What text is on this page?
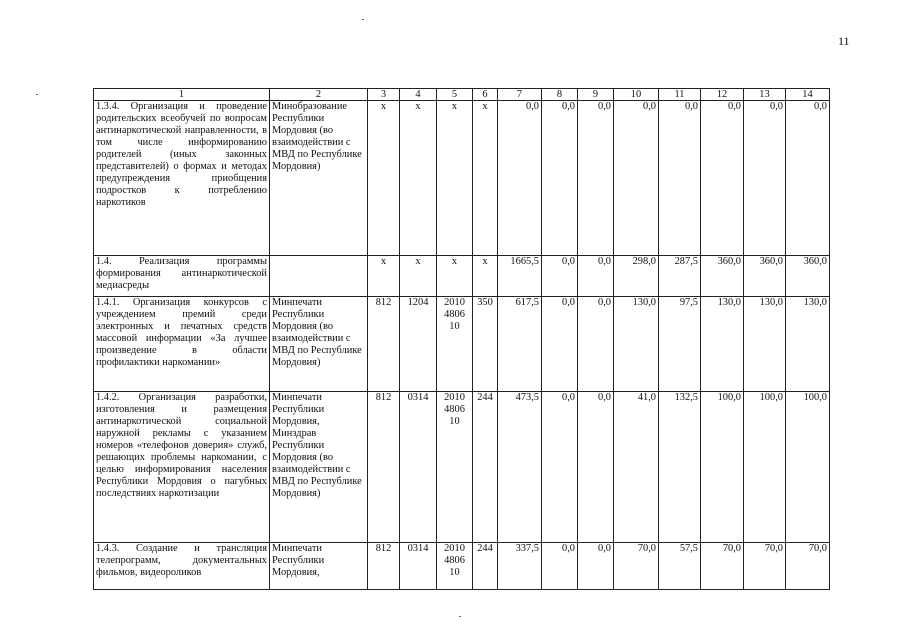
11
1	2	3	4	5	6	7	8	9	10	11	12	13	14
1.3.4. Организация и проведение родительских всеобучей по вопросам антинаркотической направленности, в том числе информированию родителей (иных законных представителей) о формах и методах предупреждения приобщения подростков к потреблению наркотиков	Минобразование Республики Мордовия (во взаимодействии с МВД по Республике Мордовия)	x	x	x	x	0,0	0,0	0,0	0,0	0,0	0,0	0,0	0,0
1.4. Реализация программы формирования антинаркотической медиасреды		x	x	x	x	1665,5	0,0	0,0	298,0	287,5	360,0	360,0	360,0
1.4.1. Организация конкурсов с учреждением премий среди электронных и печатных средств массовой информации «За лучшее произведение в области профилактики наркомании»	Минпечати Республики Мордовия (во взаимодействии с МВД по Республике Мордовия)	812	1204	2010 4806 10	350	617,5	0,0	0,0	130,0	97,5	130,0	130,0	130,0
1.4.2. Организация разработки, изготовления и размещения антинаркотической социальной наружной рекламы с указанием номеров «телефонов доверия» служб, решающих проблемы наркомании, с целью информирования населения Республики Мордовия о пагубных последствиях наркотизации	Минпечати Республики Мордовия, Минздрав Республики Мордовия (во взаимодействии с МВД по Республике Мордовия)	812	0314	2010 4806 10	244	473,5	0,0	0,0	41,0	132,5	100,0	100,0	100,0

1.4.3. Создание и трансляция телепрограмм, документальных фильмов, видеороликов	Минпечати Республики Мордовия,	812	0314	2010 4806 10	244	337,5	0,0	0,0	70,0	57,5	70,0	70,0	70,0
